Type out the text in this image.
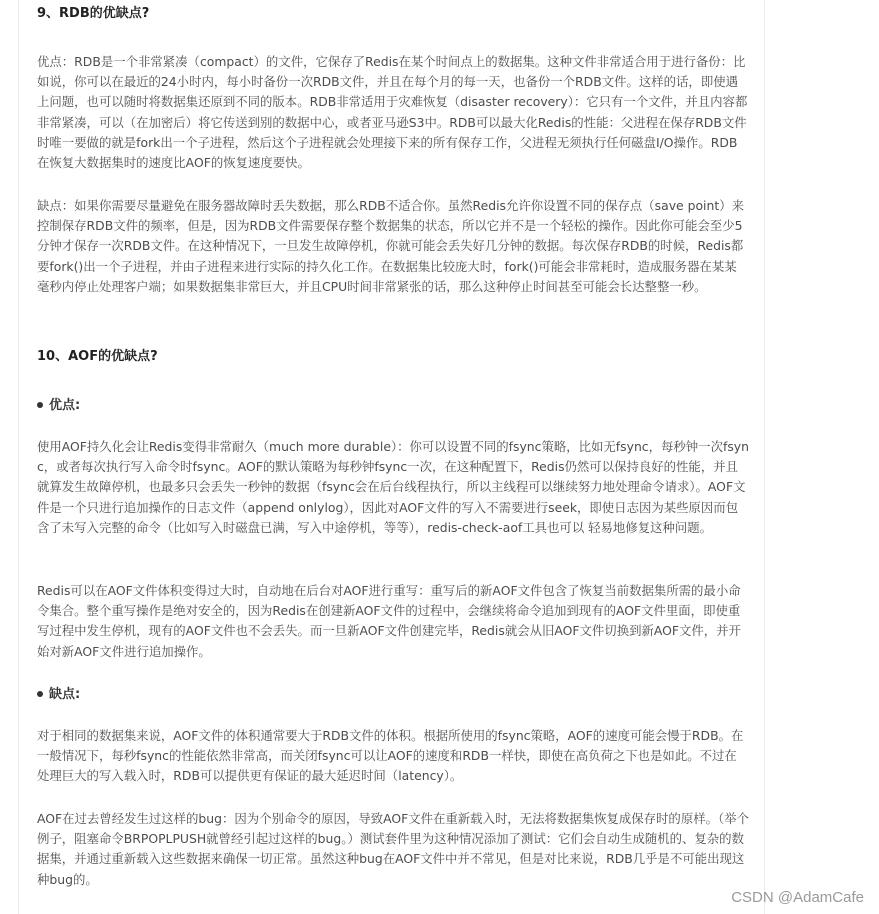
9、RDB的优缺点?

优点：RDB是一个非常紧凑（compact）的文件，它保存了Redis在某个时间点上的数据集。这种文件非常适合用于进行备份：比如说，你可以在最近的24小时内，每小时备份一次RDB文件，并且在每个月的每一天，也备份一个RDB文件。这样的话，即使遇上问题，也可以随时将数据集还原到不同的版本。RDB非常适用于灾难恢复（disaster recovery）：它只有一个文件，并且内容都非常紧凑，可以（在加密后）将它传送到别的数据中心，或者亚马逊S3中。RDB可以最大化Redis的性能：父进程在保存RDB文件时唯一要做的就是fork出一个子进程，然后这个子进程就会处理接下来的所有保存工作，父进程无须执行任何磁盘I/O操作。RDB在恢复大数据集时的速度比AOF的恢复速度要快。

缺点：如果你需要尽量避免在服务器故障时丢失数据，那么RDB不适合你。虽然Redis允许你设置不同的保存点（save point）来控制保存RDB文件的频率，但是，因为RDB文件需要保存整个数据集的状态，所以它并不是一个轻松的操作。因此你可能会至少5分钟才保存一次RDB文件。在这种情况下，一旦发生故障停机，你就可能会丢失好几分钟的数据。每次保存RDB的时候，Redis都要fork()出一个子进程，并由子进程来进行实际的持久化工作。在数据集比较庞大时，fork()可能会非常耗时，造成服务器在某某毫秒内停止处理客户端；如果数据集非常巨大，并且CPU时间非常紧张的话，那么这种停止时间甚至可能会长达整整一秒。

10、AOF的优缺点?
优点:

使用AOF持久化会让Redis变得非常耐久（much more durable）：你可以设置不同的fsync策略，比如无fsync，每秒钟一次fsync，或者每次执行写入命令时fsync。AOF的默认策略为每秒钟fsync一次，在这种配置下，Redis仍然可以保持良好的性能，并且就算发生故障停机，也最多只会丢失一秒钟的数据（fsync会在后台线程执行，所以主线程可以继续努力地处理命令请求）。AOF文件是一个只进行追加操作的日志文件（append onlylog），因此对AOF文件的写入不需要进行seek，即使日志因为某些原因而包含了未写入完整的命令（比如写入时磁盘已满，写入中途停机，等等），redis-check-aof工具也可以 轻易地修复这种问题。

Redis可以在AOF文件体积变得过大时，自动地在后台对AOF进行重写：重写后的新AOF文件包含了恢复当前数据集所需的最小命令集合。整个重写操作是绝对安全的，因为Redis在创建新AOF文件的过程中，会继续将命令追加到现有的AOF文件里面，即使重写过程中发生停机，现有的AOF文件也不会丢失。而一旦新AOF文件创建完毕，Redis就会从旧AOF文件切换到新AOF文件，并开始对新AOF文件进行追加操作。

缺点:

对于相同的数据集来说，AOF文件的体积通常要大于RDB文件的体积。根据所使用的fsync策略，AOF的速度可能会慢于RDB。在一般情况下，每秒fsync的性能依然非常高，而关闭fsync可以让AOF的速度和RDB一样快，即使在高负荷之下也是如此。不过在处理巨大的写入载入时，RDB可以提供更有保证的最大延迟时间（latency）。

AOF在过去曾经发生过这样的bug：因为个别命令的原因，导致AOF文件在重新载入时，无法将数据集恢复成保存时的原样。（举个例子，阻塞命令BRPOPLPUSH就曾经引起过这样的bug。）测试套件里为这种情况添加了测试：它们会自动生成随机的、复杂的数据集，并通过重新载入这些数据来确保一切正常。虽然这种bug在AOF文件中并不常见，但是对比来说，RDB几乎是不可能出现这种bug的。

CSDN @AdamCafe
